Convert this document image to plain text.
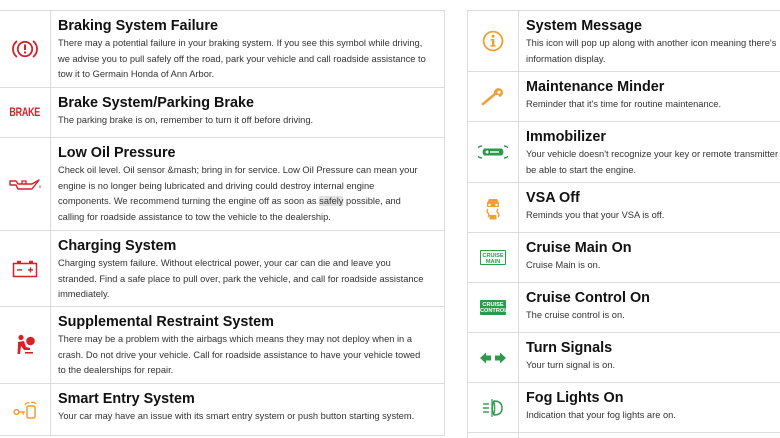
Braking System Failure
There may a potential failure in your braking system. If you see this symbol while driving,
we advise you to pull safely off the road, park your vehicle and call roadside assistance to
tow it to Germain Honda of Ann Arbor.
BRAKE
Brake System/Parking Brake
The parking brake is on, remember to turn it off before driving.
Low Oil Pressure
Check oil level. Oil sensor &mash; bring in for service. Low Oil Pressure can mean your
engine is no longer being lubricated and driving could destroy internal engine
components. We recommend turning the engine off as soon as safely possible, and
calling for roadside assistance to tow the vehicle to the dealership.
Charging System
Charging system failure. Without electrical power, your car can die and leave you
stranded. Find a safe place to pull over, park the vehicle, and call for roadside assistance
immediately.
Supplemental Restraint System
There may be a problem with the airbags which means they may not deploy when in a
crash. Do not drive your vehicle. Call for roadside assistance to have your vehicle towed
to the dealerships for repair.
Smart Entry System
Your car may have an issue with its smart entry system or push button starting system.
System Message
This icon will pop up along with another icon meaning there's
information display.
Maintenance Minder
Reminder that it's time for routine maintenance.
Immobilizer
Your vehicle doesn't recognize your key or remote transmitter
be able to start the engine.
VSA Off
Reminds you that your VSA is off.
CRUISE MAIN
Cruise Main On
Cruise Main is on.
CRUISE CONTROL
Cruise Control On
The cruise control is on.
Turn Signals
Your turn signal is on.
Fog Lights On
Indication that your fog lights are on.
